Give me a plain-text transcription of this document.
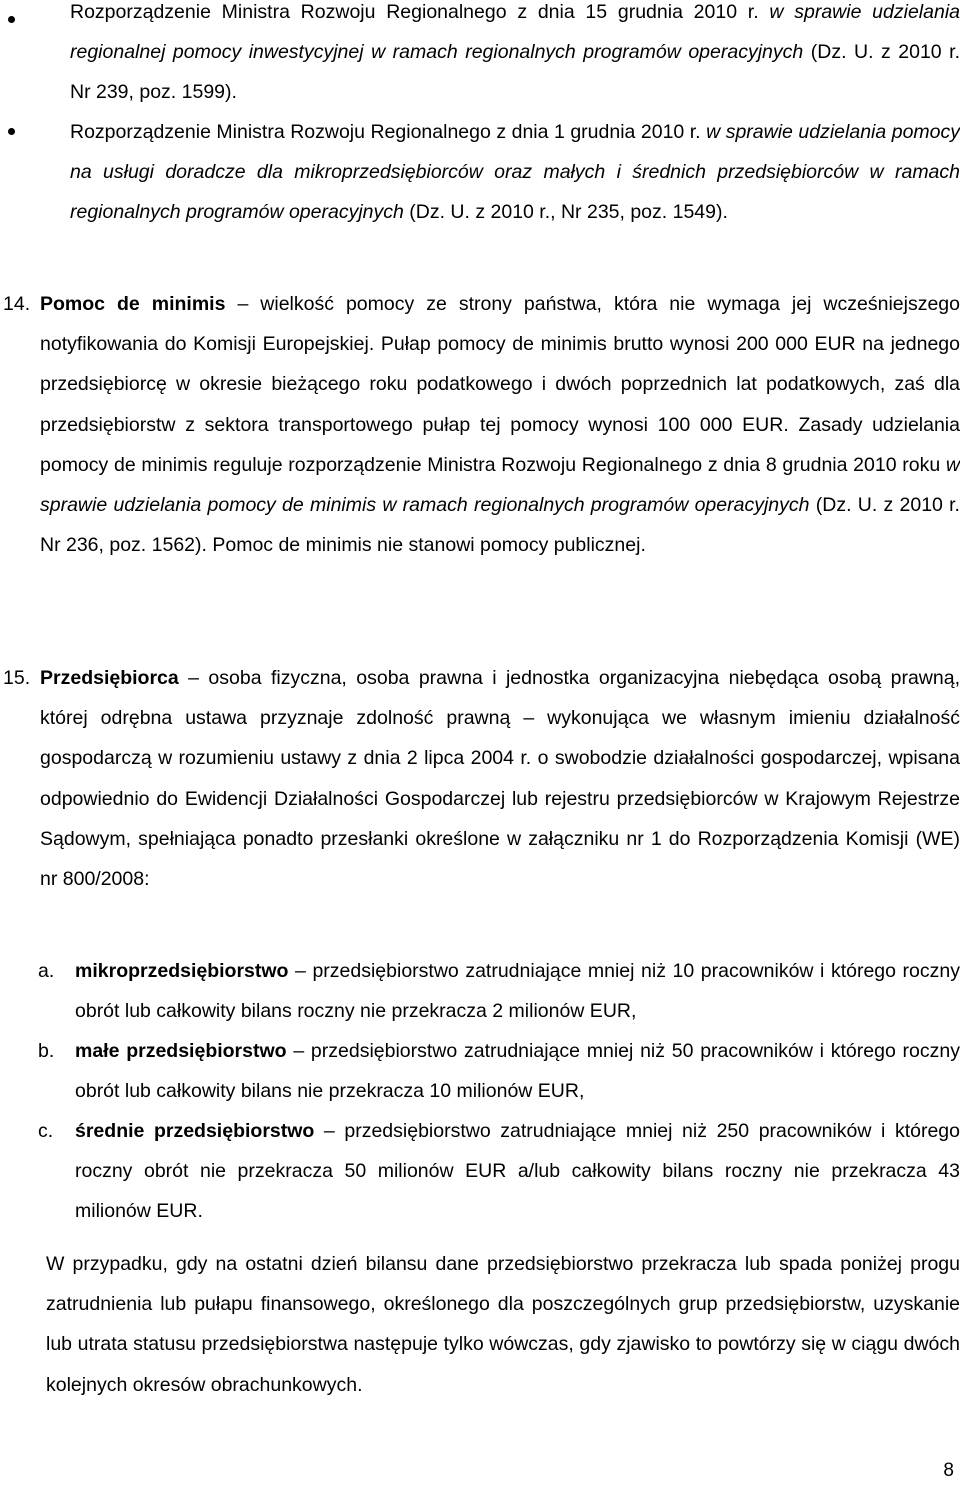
Rozporządzenie Ministra Rozwoju Regionalnego z dnia 15 grudnia 2010 r. w sprawie udzielania regionalnej pomocy inwestycyjnej w ramach regionalnych programów operacyjnych (Dz. U. z 2010 r. Nr 239, poz. 1599).

Rozporządzenie Ministra Rozwoju Regionalnego z dnia 1 grudnia 2010 r. w sprawie udzielania pomocy na usługi doradcze dla mikroprzedsiębiorców oraz małych i średnich przedsiębiorców w ramach regionalnych programów operacyjnych (Dz. U. z 2010 r., Nr 235, poz. 1549).

14. Pomoc de minimis – wielkość pomocy ze strony państwa, która nie wymaga jej wcześniejszego notyfikowania do Komisji Europejskiej. Pułap pomocy de minimis brutto wynosi 200 000 EUR na jednego przedsiębiorcę w okresie bieżącego roku podatkowego i dwóch poprzednich lat podatkowych, zaś dla przedsiębiorstw z sektora transportowego pułap tej pomocy wynosi 100 000 EUR. Zasady udzielania pomocy de minimis reguluje rozporządzenie Ministra Rozwoju Regionalnego z dnia 8 grudnia 2010 roku w sprawie udzielania pomocy de minimis w ramach regionalnych programów operacyjnych (Dz. U. z 2010 r. Nr 236, poz. 1562). Pomoc de minimis nie stanowi pomocy publicznej.

15. Przedsiębiorca – osoba fizyczna, osoba prawna i jednostka organizacyjna niebędąca osobą prawną, której odrębna ustawa przyznaje zdolność prawną – wykonująca we własnym imieniu działalność gospodarczą w rozumieniu ustawy z dnia 2 lipca 2004 r. o swobodzie działalności gospodarczej, wpisana odpowiednio do Ewidencji Działalności Gospodarczej lub rejestru przedsiębiorców w Krajowym Rejestrze Sądowym, spełniająca ponadto przesłanki określone w załączniku nr 1 do Rozporządzenia Komisji (WE) nr 800/2008:

a. mikroprzedsiębiorstwo – przedsiębiorstwo zatrudniające mniej niż 10 pracowników i którego roczny obrót lub całkowity bilans roczny nie przekracza 2 milionów EUR,

b. małe przedsiębiorstwo – przedsiębiorstwo zatrudniające mniej niż 50 pracowników i którego roczny obrót lub całkowity bilans nie przekracza 10 milionów EUR,

c. średnie przedsiębiorstwo – przedsiębiorstwo zatrudniające mniej niż 250 pracowników i którego roczny obrót nie przekracza 50 milionów EUR a/lub całkowity bilans roczny nie przekracza 43 milionów EUR.

W przypadku, gdy na ostatni dzień bilansu dane przedsiębiorstwo przekracza lub spada poniżej progu zatrudnienia lub pułapu finansowego, określonego dla poszczególnych grup przedsiębiorstw, uzyskanie lub utrata statusu przedsiębiorstwa następuje tylko wówczas, gdy zjawisko to powtórzy się w ciągu dwóch kolejnych okresów obrachunkowych.

8
